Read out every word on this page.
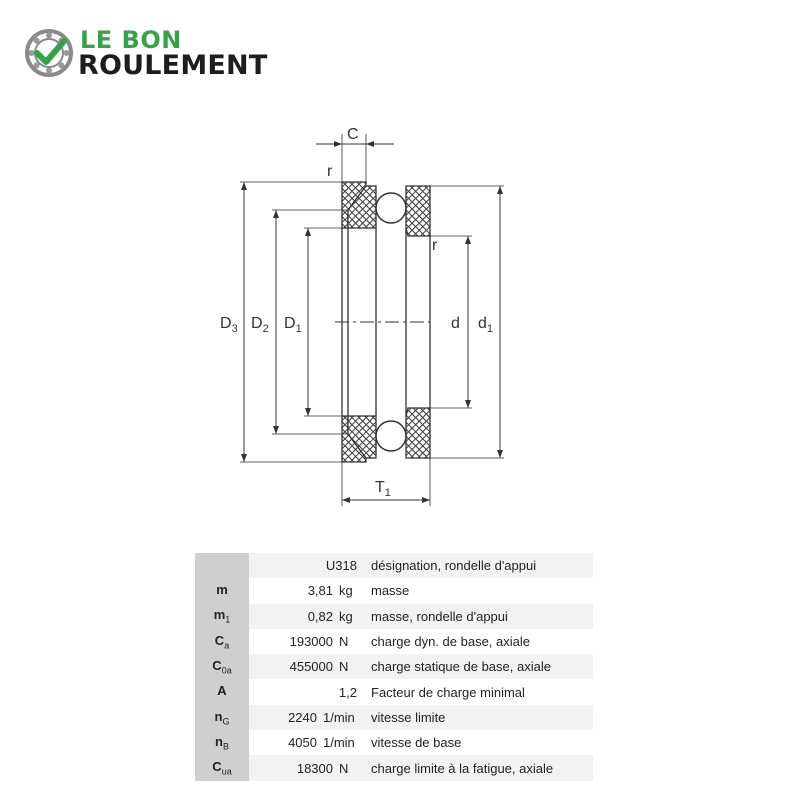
LE BON
ROULEMENT
C
r
r
$D_3$ $D_2$ $D_1$	d $d_1$
$T_1$
	U318	désignation, rondelle d'appui
m	3,81 kg	masse
$m_1$	0,82 kg	masse, rondelle d'appui
$C_a$	193000 N	charge dyn. de base, axiale
$C_{0a}$	455000 N	charge statique de base, axiale
A	1,2	Facteur de charge minimal
$n_G$	2240 1/min	vitesse limite
$n_B$	4050 1/min	vitesse de base
$C_{ua}$	18300 N	charge limite à la fatigue, axiale
